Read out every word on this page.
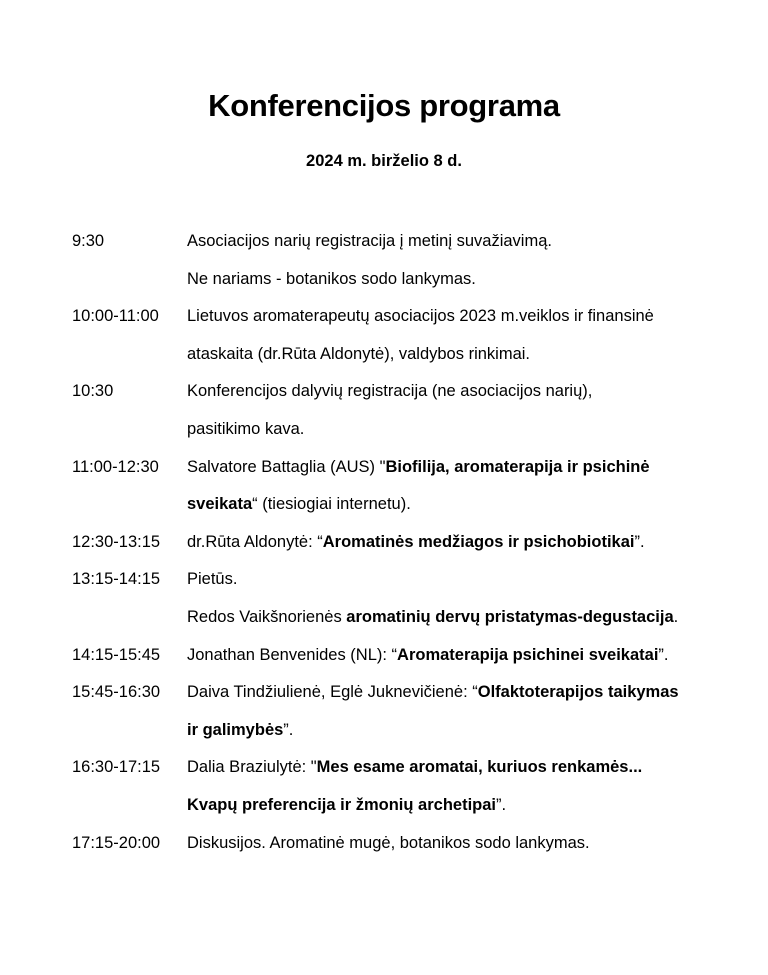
Konferencijos programa
2024 m. birželio 8 d.
9:30	Asociacijos narių registracija į metinį suvažiavimą.
Ne nariams - botanikos sodo lankymas.
10:00-11:00	Lietuvos aromaterapeutų asociacijos 2023 m.veiklos ir finansinė
ataskaita (dr.Rūta Aldonytė), valdybos rinkimai.
10:30	Konferencijos dalyvių registracija (ne asociacijos narių),
pasitikimo kava.
11:00-12:30	Salvatore Battaglia (AUS) "Biofilija, aromaterapija ir psichinė
sveikata“ (tiesiogiai internetu).
12:30-13:15	dr.Rūta Aldonytė: “Aromatinės medžiagos ir psichobiotikai”.
13:15-14:15	Pietūs.
Redos Vaikšnorienės aromatinių dervų pristatymas-degustacija.
14:15-15:45	Jonathan Benvenides (NL): “Aromaterapija psichinei sveikatai”.
15:45-16:30	Daiva Tindžiulienė, Eglė Juknevičienė: “Olfaktoterapijos taikymas
ir galimybės”.
16:30-17:15	Dalia Braziulytė: "Mes esame aromatai, kuriuos renkamės...
Kvapų preferencija ir žmonių archetipai”.
17:15-20:00	Diskusijos. Aromatinė mugė, botanikos sodo lankymas.
